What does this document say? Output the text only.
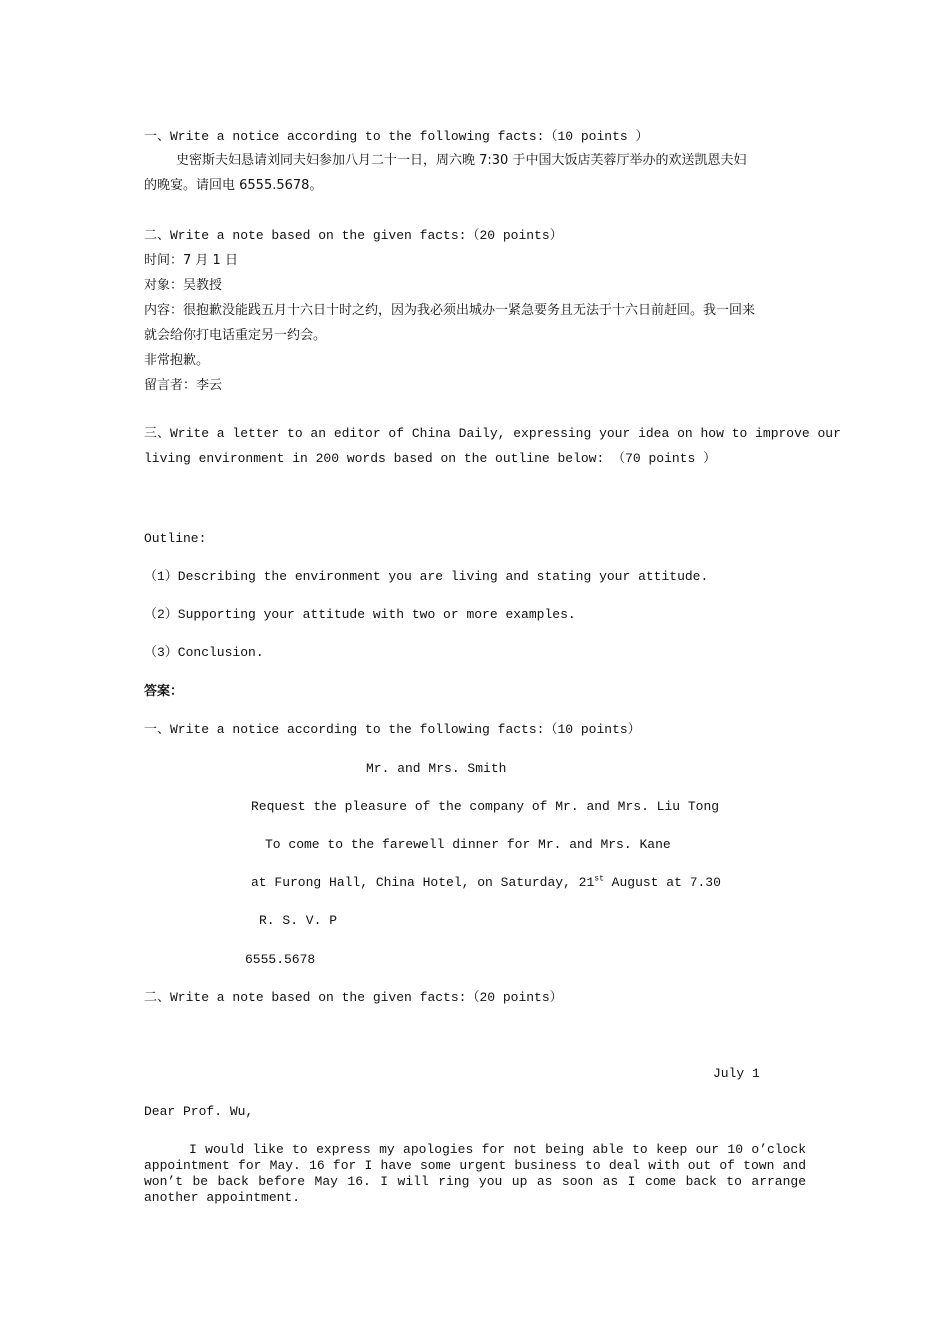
一、Write a notice according to the following facts:（10 points ）
史密斯夫妇恳请刘同夫妇参加八月二十一日，周六晚 7:30 于中国大饭店芙蓉厅举办的欢送凯恩夫妇
的晚宴。请回电 6555.5678。
二、Write a note based on the given facts:（20 points）
时间：7 月 1 日
对象：吴教授
内容：很抱歉没能践五月十六日十时之约，因为我必须出城办一紧急要务且无法于十六日前赶回。我一回来
就会给你打电话重定另一约会。
非常抱歉。
留言者：李云
三、Write a letter to an editor of China Daily, expressing your idea on how to improve our
living environment in 200 words based on the outline below: （70 points ）
Outline:
（1）Describing the environment you are living and stating your attitude.
（2）Supporting your attitude with two or more examples.
（3）Conclusion.
答案：
一、Write a notice according to the following facts:（10 points）
Mr. and Mrs. Smith
Request the pleasure of the company of Mr. and Mrs. Liu Tong
To come to the farewell dinner for Mr. and Mrs. Kane
at Furong Hall, China Hotel, on Saturday, 21st August at 7.30
R. S. V. P
6555.5678
二、Write a note based on the given facts:（20 points）
July 1
Dear Prof. Wu,
I would like to express my apologies for not being able to keep our 10 o’clock appointment for May. 16 for I have some urgent business to deal with out of town and won’t be back before May 16. I will ring you up as soon as I come back to arrange another appointment.
